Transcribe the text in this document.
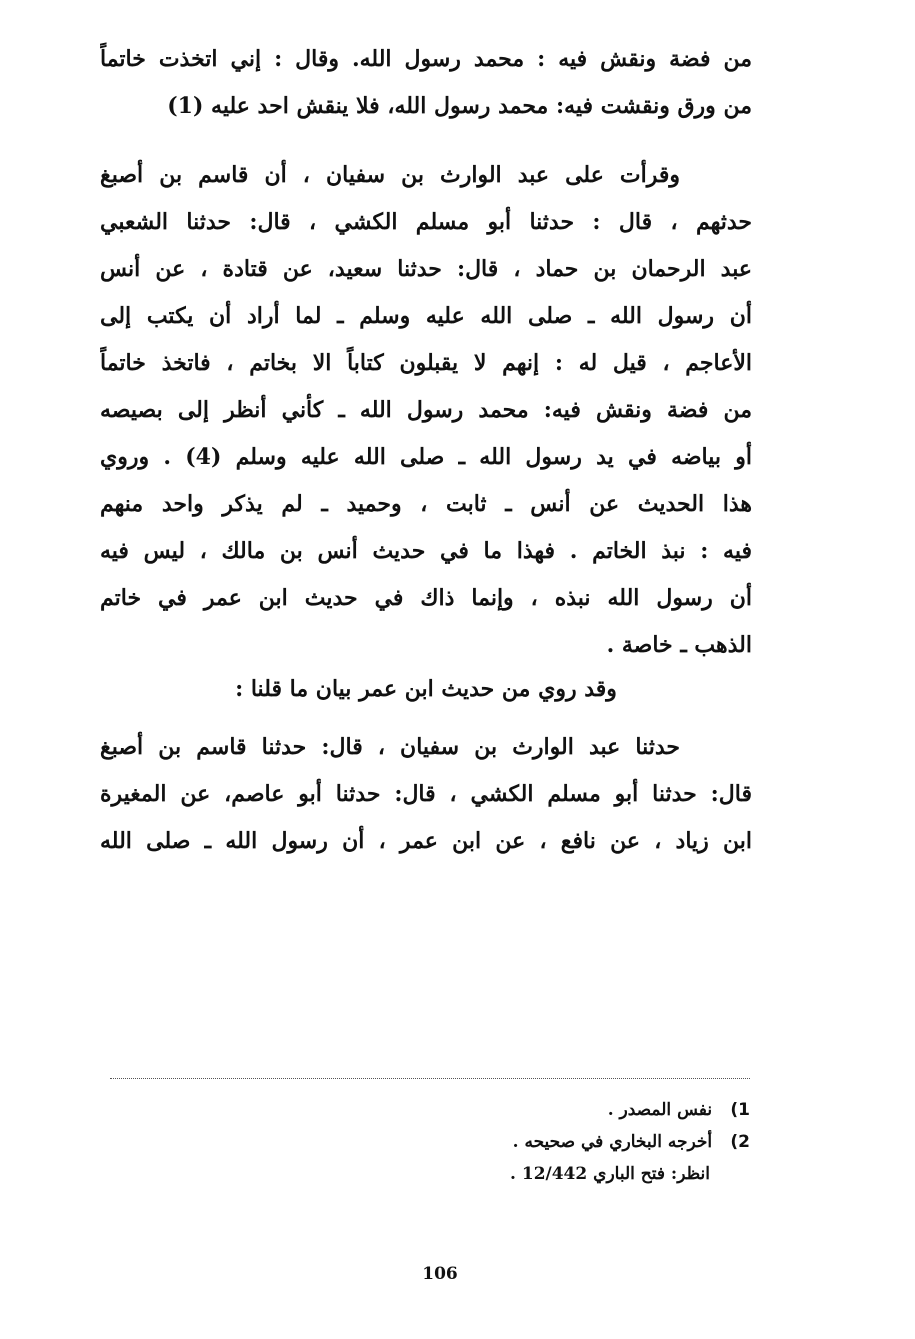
من فضة ونقش فيه : محمد رسول الله. وقال : إني اتخذت خاتماً
من ورق ونقشت فيه: محمد رسول الله، فلا ينقش احد عليه (1)
وقرأت على عبد الوارث بن سفيان ، أن قاسم بن أصبغ
حدثهم ، قال : حدثنا أبو مسلم الكشي ، قال: حدثنا الشعبي
عبد الرحمان بن حماد ، قال: حدثنا سعيد، عن قتادة ، عن أنس
أن رسول الله ـ صلى الله عليه وسلم ـ لما أراد أن يكتب إلى
الأعاجم ، قيل له : إنهم لا يقبلون كتاباً الا بخاتم ، فاتخذ خاتماً
من فضة ونقش فيه: محمد رسول الله ـ كأني أنظر إلى بصيصه
أو بياضه في يد رسول الله ـ صلى الله عليه وسلم (4) . وروي
هذا الحديث عن أنس ـ ثابت ، وحميد ـ لم يذكر واحد منهم
فيه : نبذ الخاتم . فهذا ما في حديث أنس بن مالك ، ليس فيه
أن رسول الله نبذه ، وإنما ذاك في حديث ابن عمر في خاتم
الذهب ـ خاصة .
وقد روي من حديث ابن عمر بيان ما قلنا :
حدثنا عبد الوارث بن سفيان ، قال: حدثنا قاسم بن أصبغ
قال: حدثنا أبو مسلم الكشي ، قال: حدثنا أبو عاصم، عن المغيرة
ابن زياد ، عن نافع ، عن ابن عمر ، أن رسول الله ـ صلى الله
1) نفس المصدر .
2) أخرجه البخاري في صحيحه .
انظر: فتح الباري 12/442 .
106
